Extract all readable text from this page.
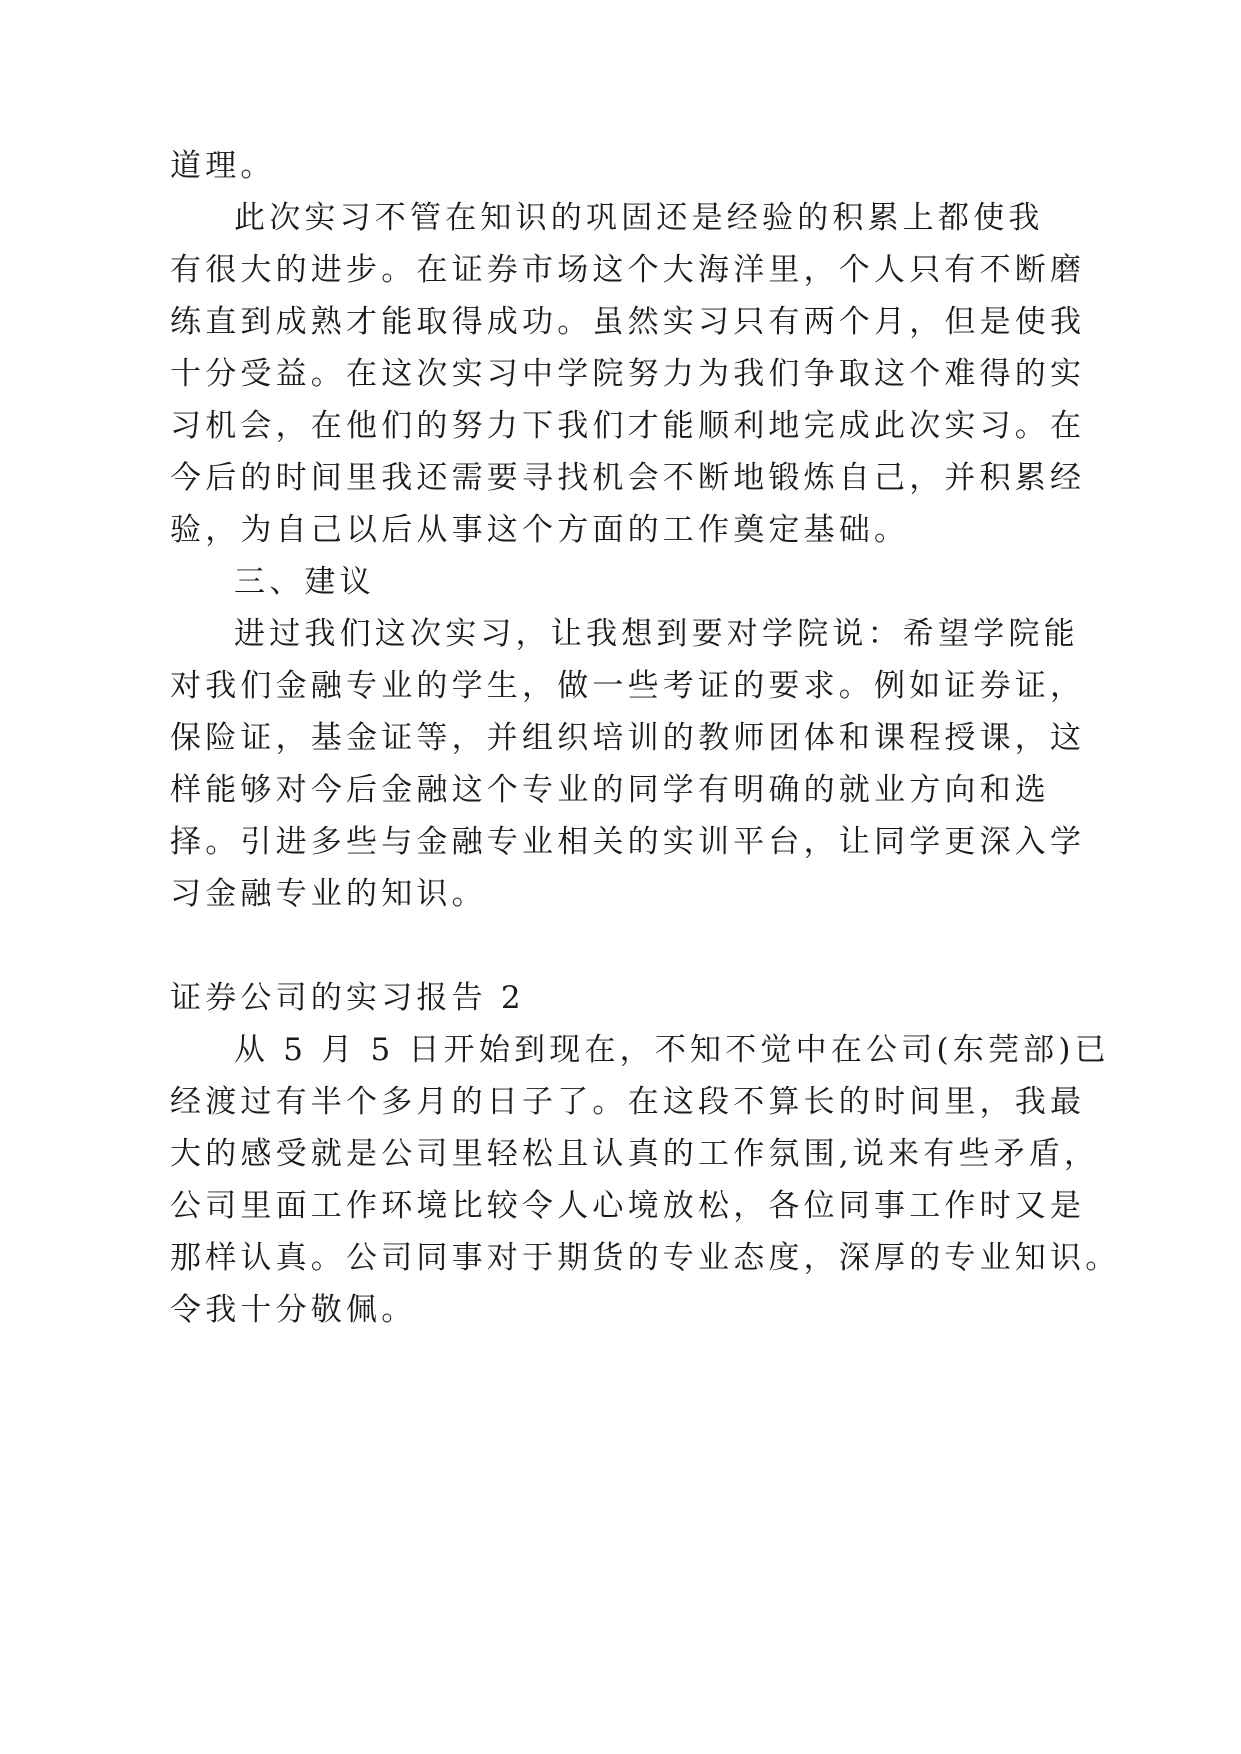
道理。
此次实习不管在知识的巩固还是经验的积累上都使我
有很大的进步。在证券市场这个大海洋里，个人只有不断磨
练直到成熟才能取得成功。虽然实习只有两个月，但是使我
十分受益。在这次实习中学院努力为我们争取这个难得的实
习机会，在他们的努力下我们才能顺利地完成此次实习。在
今后的时间里我还需要寻找机会不断地锻炼自己，并积累经
验，为自己以后从事这个方面的工作奠定基础。
三、建议
进过我们这次实习，让我想到要对学院说：希望学院能
对我们金融专业的学生，做一些考证的要求。例如证券证，
保险证，基金证等，并组织培训的教师团体和课程授课，这
样能够对今后金融这个专业的同学有明确的就业方向和选
择。引进多些与金融专业相关的实训平台，让同学更深入学
习金融专业的知识。
证券公司的实习报告 2
从 5 月 5 日开始到现在，不知不觉中在公司(东莞部)已
经渡过有半个多月的日子了。在这段不算长的时间里，我最
大的感受就是公司里轻松且认真的工作氛围,说来有些矛盾，
公司里面工作环境比较令人心境放松，各位同事工作时又是
那样认真。公司同事对于期货的专业态度，深厚的专业知识。
令我十分敬佩。
